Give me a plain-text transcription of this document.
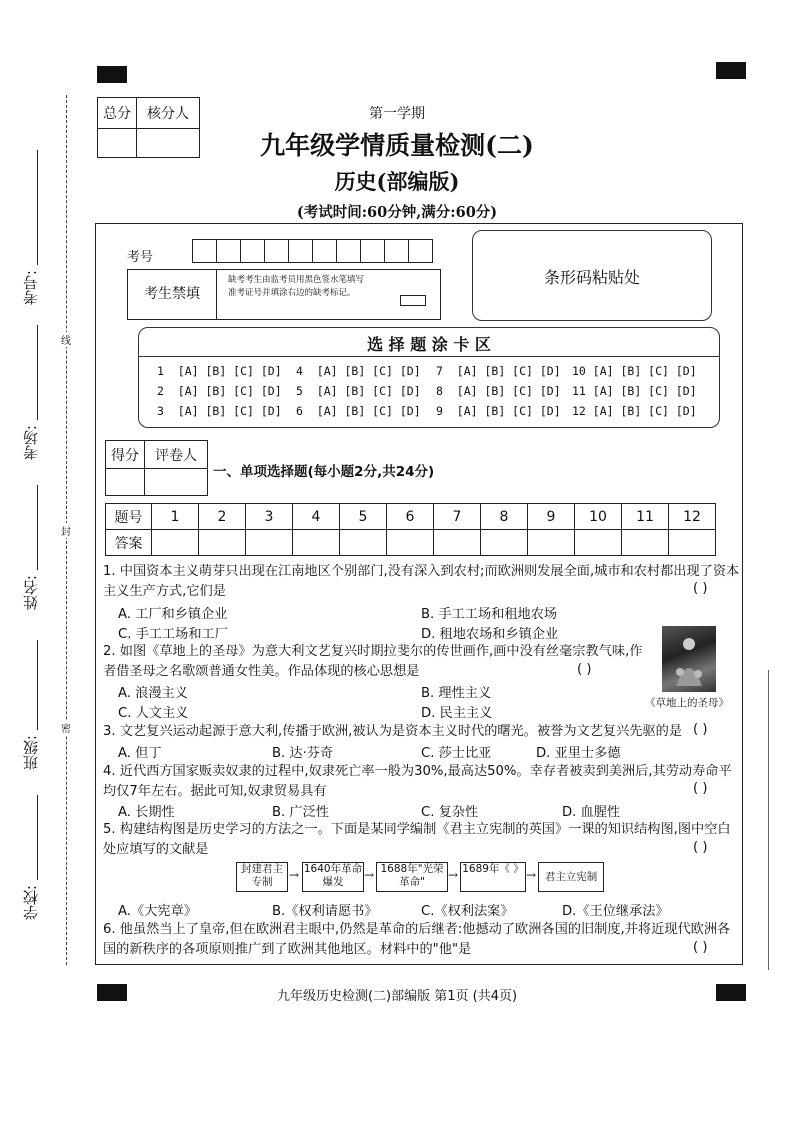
考号:
考场:
姓名:
班级:
学校:
线
封
密
总分	核分人
		第一学期
九年级学情质量检测(二)
历史(部编版)
(考试时间:60分钟,满分:60分)
考号
考生禁填
缺考考生由监考员用黑色签水笔填写准考证号并填涂右边的缺考标记。
条形码粘贴处
选 择 题 涂 卡 区
1 [A] [B] [C] [D] 4 [A] [B] [C] [D] 7 [A] [B] [C] [D] 10 [A] [B] [C] [D]
2 [A] [B] [C] [D] 5 [A] [B] [C] [D] 8 [A] [B] [C] [D] 11 [A] [B] [C] [D]
3 [A] [B] [C] [D] 6 [A] [B] [C] [D] 9 [A] [B] [C] [D] 12 [A] [B] [C] [D]
得分	评卷人

一、单项选择题(每小题2分,共24分)
题号	1	2	3	4	5	6	7	8	9	10	11	12
答案												
1. 中国资本主义萌芽只出现在江南地区个别部门,没有深入到农村;而欧洲则发展全面,城市和农村都出现了资本主义生产方式,它们是	( )
A. 工厂和乡镇企业	B. 手工工场和租地农场
C. 手工工场和工厂	D. 租地农场和乡镇企业
2. 如图《草地上的圣母》为意大利文艺复兴时期拉斐尔的传世画作,画中没有丝毫宗教气味,作者借圣母之名歌颂普通女性美。作品体现的核心思想是	( )
《草地上的圣母》
A. 浪漫主义	B. 理性主义
C. 人文主义	D. 民主主义
3. 文艺复兴运动起源于意大利,传播于欧洲,被认为是资本主义时代的曙光。被誉为文艺复兴先驱的是 ( )
A. 但丁	B. 达·芬奇	C. 莎士比亚	D. 亚里士多德
4. 近代西方国家贩卖奴隶的过程中,奴隶死亡率一般为30%,最高达50%。幸存者被卖到美洲后,其劳动寿命平均仅7年左右。据此可知,奴隶贸易具有	( )
A. 长期性	B. 广泛性	C. 复杂性	D. 血腥性
5. 构建结构图是历史学习的方法之一。下面是某同学编制《君主立宪制的英国》一课的知识结构图,图中空白处应填写的文献是	( )
封建君主专制	→ 1640年革命爆发	→ 1688年"光荣革命"	→ 1689年《 》 → 君主立宪制
A.《大宪章》	B.《权利请愿书》	C.《权利法案》	D.《王位继承法》
6. 他虽然当上了皇帝,但在欧洲君主眼中,仍然是革命的后继者:他撼动了欧洲各国的旧制度,并将近现代欧洲各国的新秩序的各项原则推广到了欧洲其他地区。材料中的"他"是	( )
九年级历史检测(二)部编版 第1页 (共4页)
